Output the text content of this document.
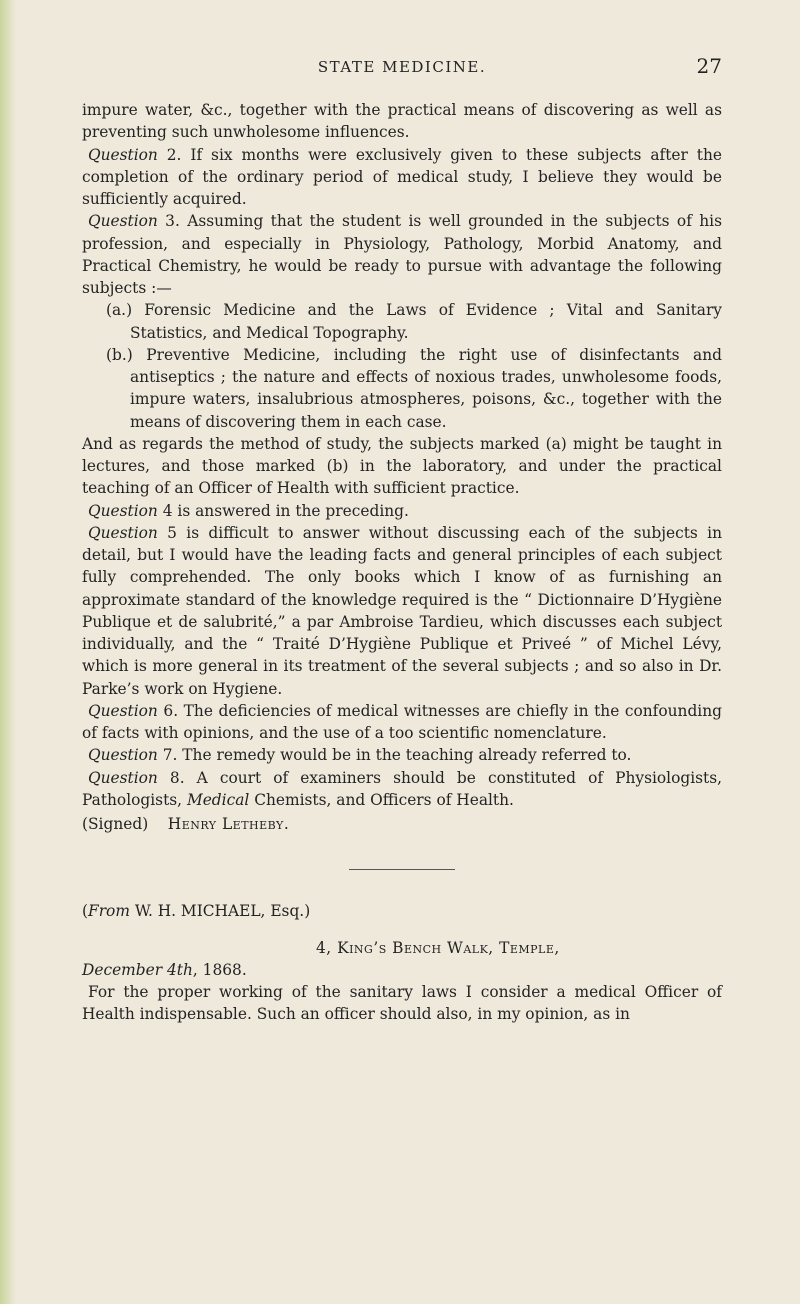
STATE MEDICINE.	27

impure water, &c., together with the practical means of discovering as well as preventing such unwholesome influences.

Question 2. If six months were exclusively given to these subjects after the completion of the ordinary period of medical study, I believe they would be sufficiently acquired.

Question 3. Assuming that the student is well grounded in the subjects of his profession, and especially in Physiology, Pathology, Morbid Anatomy, and Practical Chemistry, he would be ready to pursue with advantage the following subjects :—

(a.) Forensic Medicine and the Laws of Evidence ; Vital and Sanitary Statistics, and Medical Topography.

(b.) Preventive Medicine, including the right use of disinfectants and antiseptics ; the nature and effects of noxious trades, unwholesome foods, impure waters, insalubrious atmospheres, poisons, &c., together with the means of discovering them in each case.

And as regards the method of study, the subjects marked (a) might be taught in lectures, and those marked (b) in the laboratory, and under the practical teaching of an Officer of Health with sufficient practice.

Question 4 is answered in the preceding.

Question 5 is difficult to answer without discussing each of the subjects in detail, but I would have the leading facts and general principles of each subject fully comprehended. The only books which I know of as furnishing an approximate standard of the knowledge required is the “ Dictionnaire D’Hygiène Publique et de salubrité,” a par Ambroise Tardieu, which discusses each subject individually, and the “ Traité D’Hygiène Publique et Priveé ” of Michel Lévy, which is more general in its treatment of the several subjects ; and so also in Dr. Parke’s work on Hygiene.

Question 6. The deficiencies of medical witnesses are chiefly in the confounding of facts with opinions, and the use of a too scientific nomenclature.

Question 7. The remedy would be in the teaching already referred to.

Question 8. A court of examiners should be constituted of Physiologists, Pathologists, Medical Chemists, and Officers of Health.

(Signed) Henry Letheby.

(From W. H. MICHAEL, Esq.)

4, King’s Bench Walk, Temple,

December 4th, 1868.

For the proper working of the sanitary laws I consider a medical Officer of Health indispensable. Such an officer should also, in my opinion, as in
